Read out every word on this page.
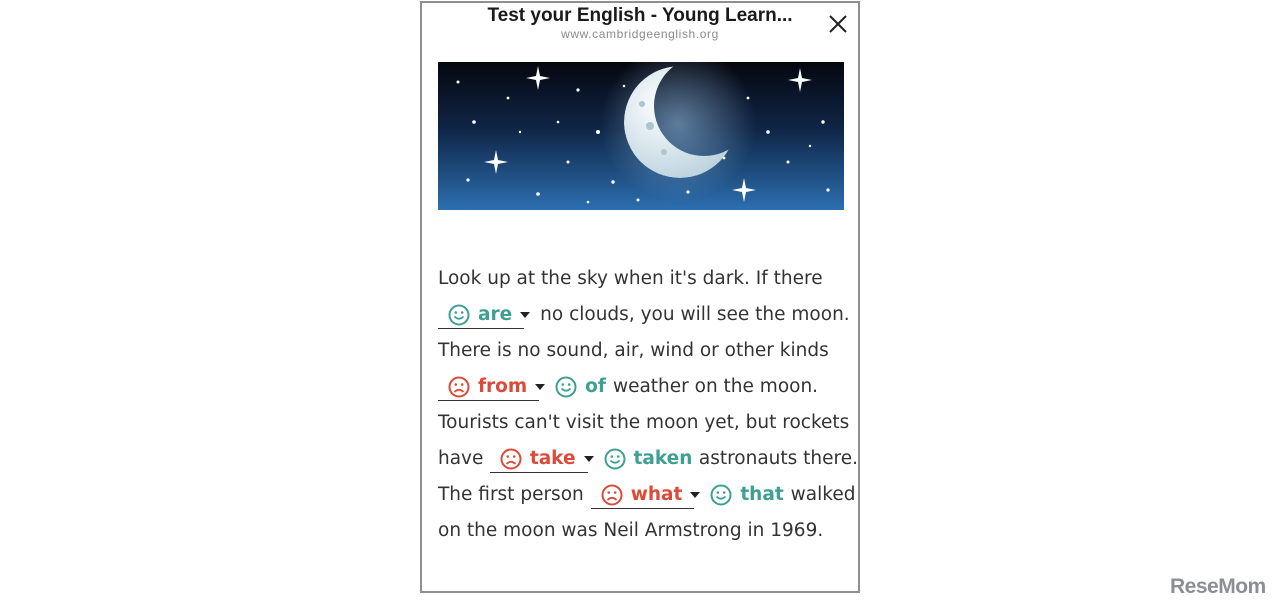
Test your English - Young Learn...
www.cambridgeenglish.org
Look up at the sky when it's dark. If there
are no clouds, you will see the moon.
There is no sound, air, wind or other kinds
from	of weather on the moon.
Tourists can't visit the moon yet, but rockets
have	take	taken astronauts there.
The first person	what	that walked
on the moon was Neil Armstrong in 1969.
ReseMom
